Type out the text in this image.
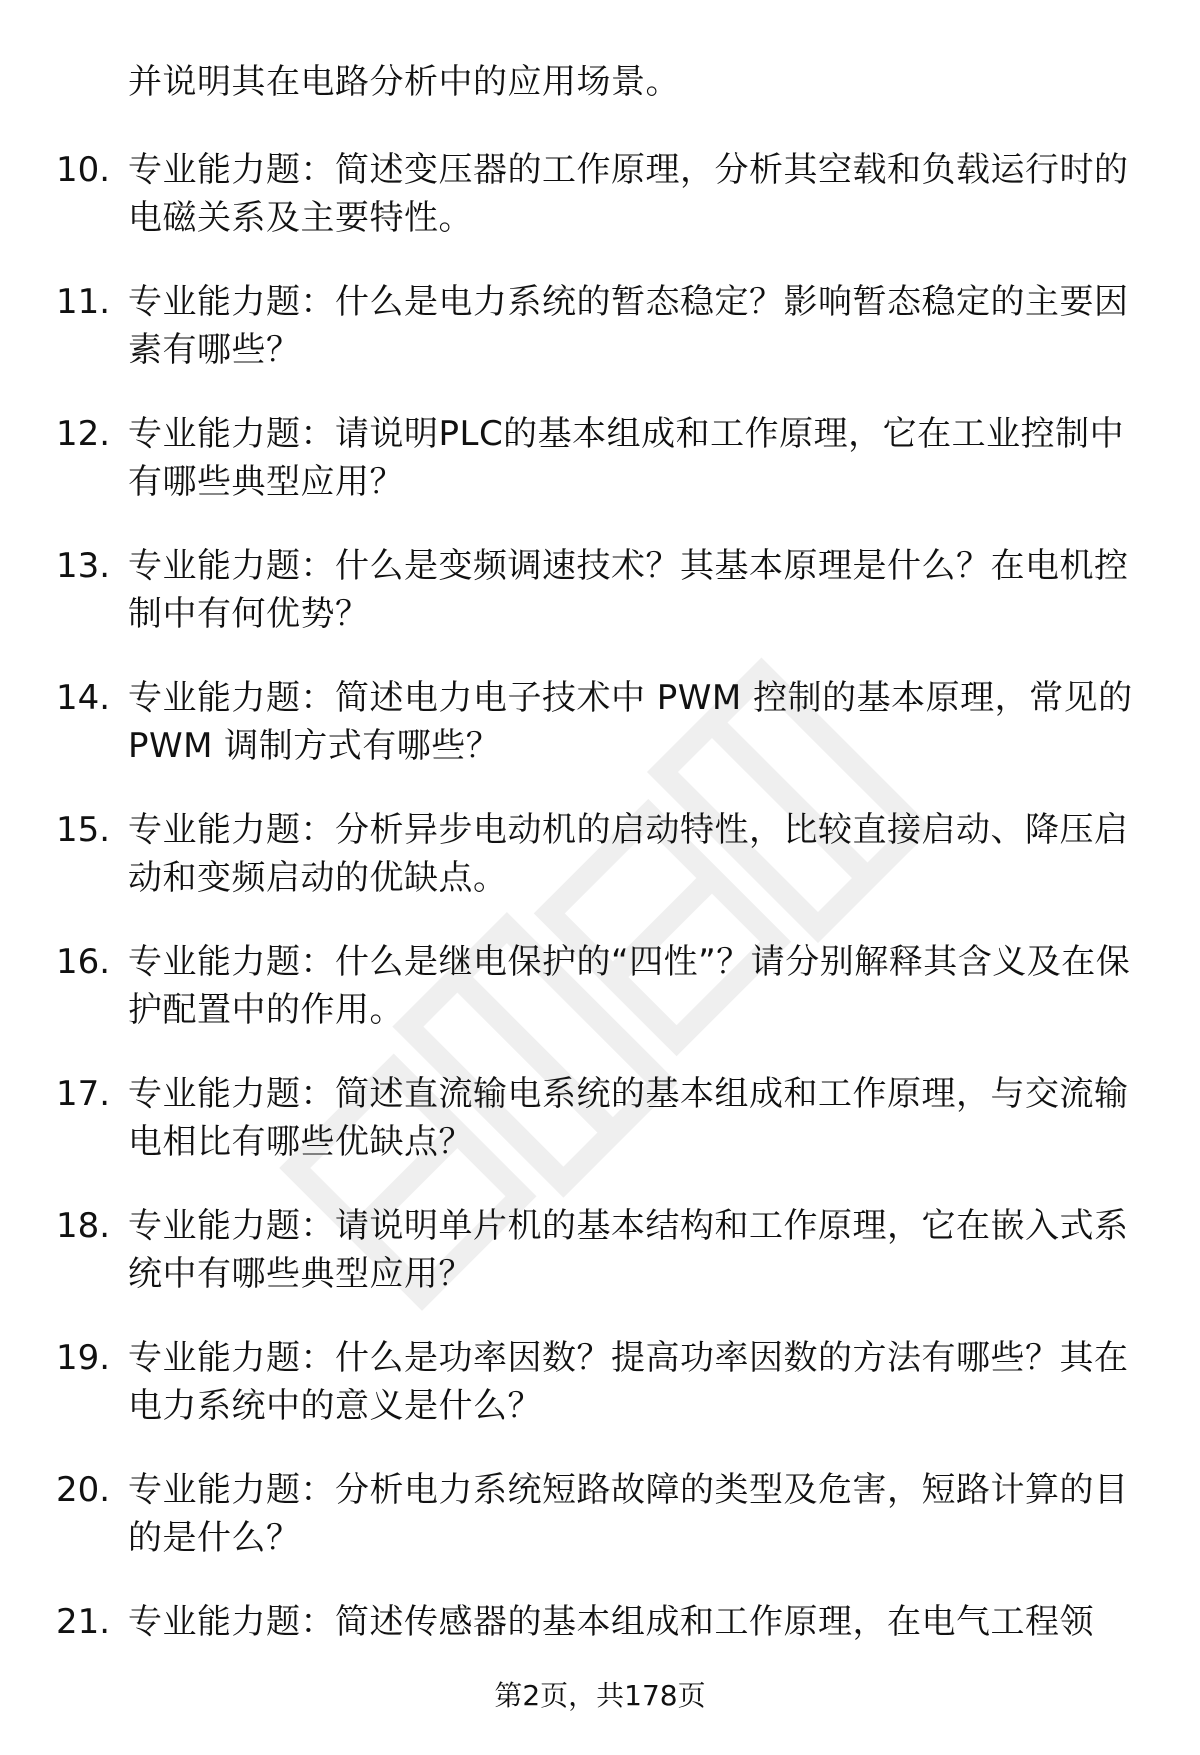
并说明其在电路分析中的应用场景。
10. 专业能力题：简述变压器的工作原理，分析其空载和负载运行时的电磁关系及主要特性。
11. 专业能力题：什么是电力系统的暂态稳定？影响暂态稳定的主要因素有哪些？
12. 专业能力题：请说明PLC的基本组成和工作原理，它在工业控制中有哪些典型应用？
13. 专业能力题：什么是变频调速技术？其基本原理是什么？在电机控制中有何优势？
14. 专业能力题：简述电力电子技术中 PWM 控制的基本原理，常见的 PWM 调制方式有哪些？
15. 专业能力题：分析异步电动机的启动特性，比较直接启动、降压启动和变频启动的优缺点。
16. 专业能力题：什么是继电保护的“四性”？请分别解释其含义及在保护配置中的作用。
17. 专业能力题：简述直流输电系统的基本组成和工作原理，与交流输电相比有哪些优缺点？
18. 专业能力题：请说明单片机的基本结构和工作原理，它在嵌入式系统中有哪些典型应用？
19. 专业能力题：什么是功率因数？提高功率因数的方法有哪些？其在电力系统中的意义是什么？
20. 专业能力题：分析电力系统短路故障的类型及危害，短路计算的目的是什么？
21. 专业能力题：简述传感器的基本组成和工作原理，在电气工程领
第2页，共178页
